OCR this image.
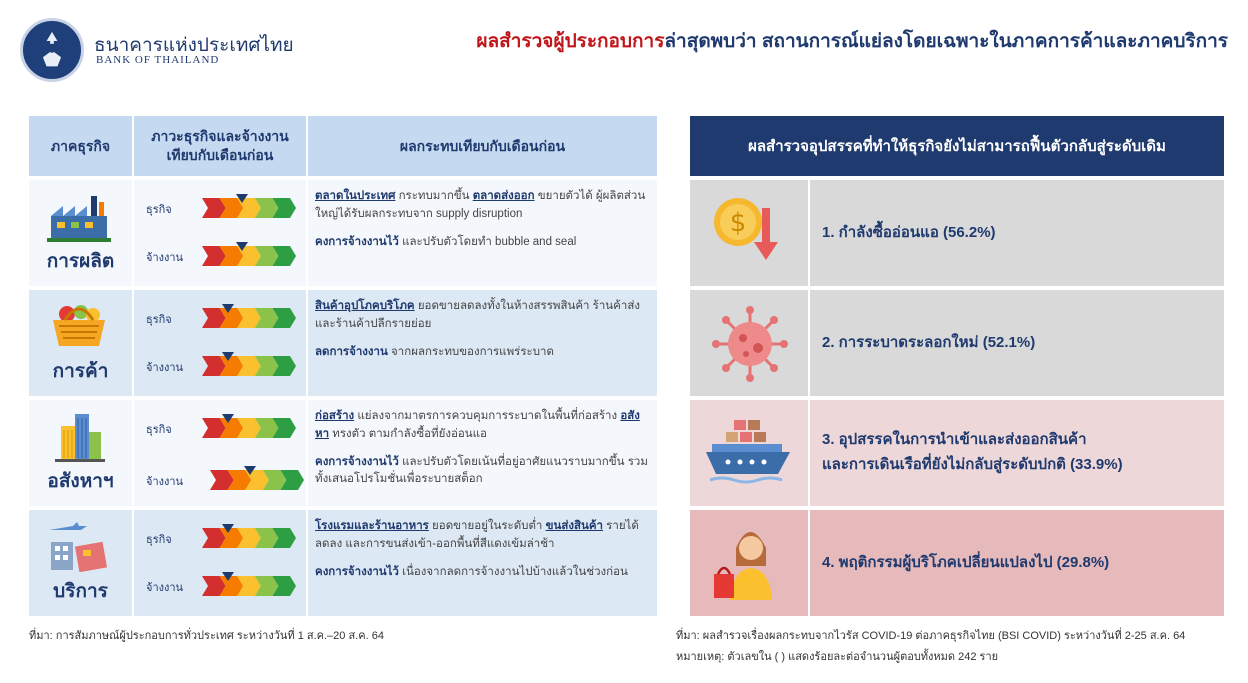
ธนาคารแห่งประเทศไทย
BANK OF THAILAND
ผลสำรวจผู้ประกอบการล่าสุดพบว่า สถานการณ์แย่ลงโดยเฉพาะในภาคการค้าและภาคบริการ
ภาคธุรกิจ
ภาวะธุรกิจและจ้างงาน
เทียบกับเดือนก่อน
ผลกระทบเทียบกับเดือนก่อน
การผลิต
ธุรกิจ
จ้างงาน

ตลาดในประเทศ กระทบมากขึ้น ตลาดส่งออก ขยายตัวได้ ผู้ผลิตส่วนใหญ่ได้รับผลกระทบจาก supply disruption

คงการจ้างงานไว้ และปรับตัวโดยทำ bubble and seal

การค้า
ธุรกิจ
จ้างงาน

สินค้าอุปโภคบริโภค ยอดขายลดลงทั้งในห้างสรรพสินค้า ร้านค้าส่งและร้านค้าปลีกรายย่อย

ลดการจ้างงาน จากผลกระทบของการแพร่ระบาด

อสังหาฯ
ธุรกิจ
จ้างงาน

ก่อสร้าง แย่ลงจากมาตรการควบคุมการระบาดในพื้นที่ก่อสร้าง อสังหา ทรงตัว ตามกำลังซื้อที่ยังอ่อนแอ

คงการจ้างงานไว้ และปรับตัวโดยเน้นที่อยู่อาศัยแนวราบมากขึ้น รวมทั้งเสนอโปรโมชั่นเพื่อระบายสต็อก

บริการ
ธุรกิจ
จ้างงาน

โรงแรมและร้านอาหาร ยอดขายอยู่ในระดับต่ำ ขนส่งสินค้า รายได้ลดลง และการขนส่งเข้า-ออกพื้นที่สีแดงเข้มล่าช้า

คงการจ้างงานไว้ เนื่องจากลดการจ้างงานไปบ้างแล้วในช่วงก่อน

ที่มา: การสัมภาษณ์ผู้ประกอบการทั่วประเทศ ระหว่างวันที่ 1 ส.ค.–20 ส.ค. 64
ผลสำรวจอุปสรรคที่ทำให้ธุรกิจยังไม่สามารถฟื้นตัวกลับสู่ระดับเดิม
$	1. กำลังซื้ออ่อนแอ (56.2%)
2. การระบาดระลอกใหม่ (52.1%)
3. อุปสรรคในการนำเข้าและส่งออกสินค้า
และการเดินเรือที่ยังไม่กลับสู่ระดับปกติ (33.9%)
4. พฤติกรรมผู้บริโภคเปลี่ยนแปลงไป (29.8%)
ที่มา: ผลสำรวจเรื่องผลกระทบจากไวรัส COVID-19 ต่อภาคธุรกิจไทย (BSI COVID) ระหว่างวันที่ 2-25 ส.ค. 64
หมายเหตุ: ตัวเลขใน ( ) แสดงร้อยละต่อจำนวนผู้ตอบทั้งหมด 242 ราย
